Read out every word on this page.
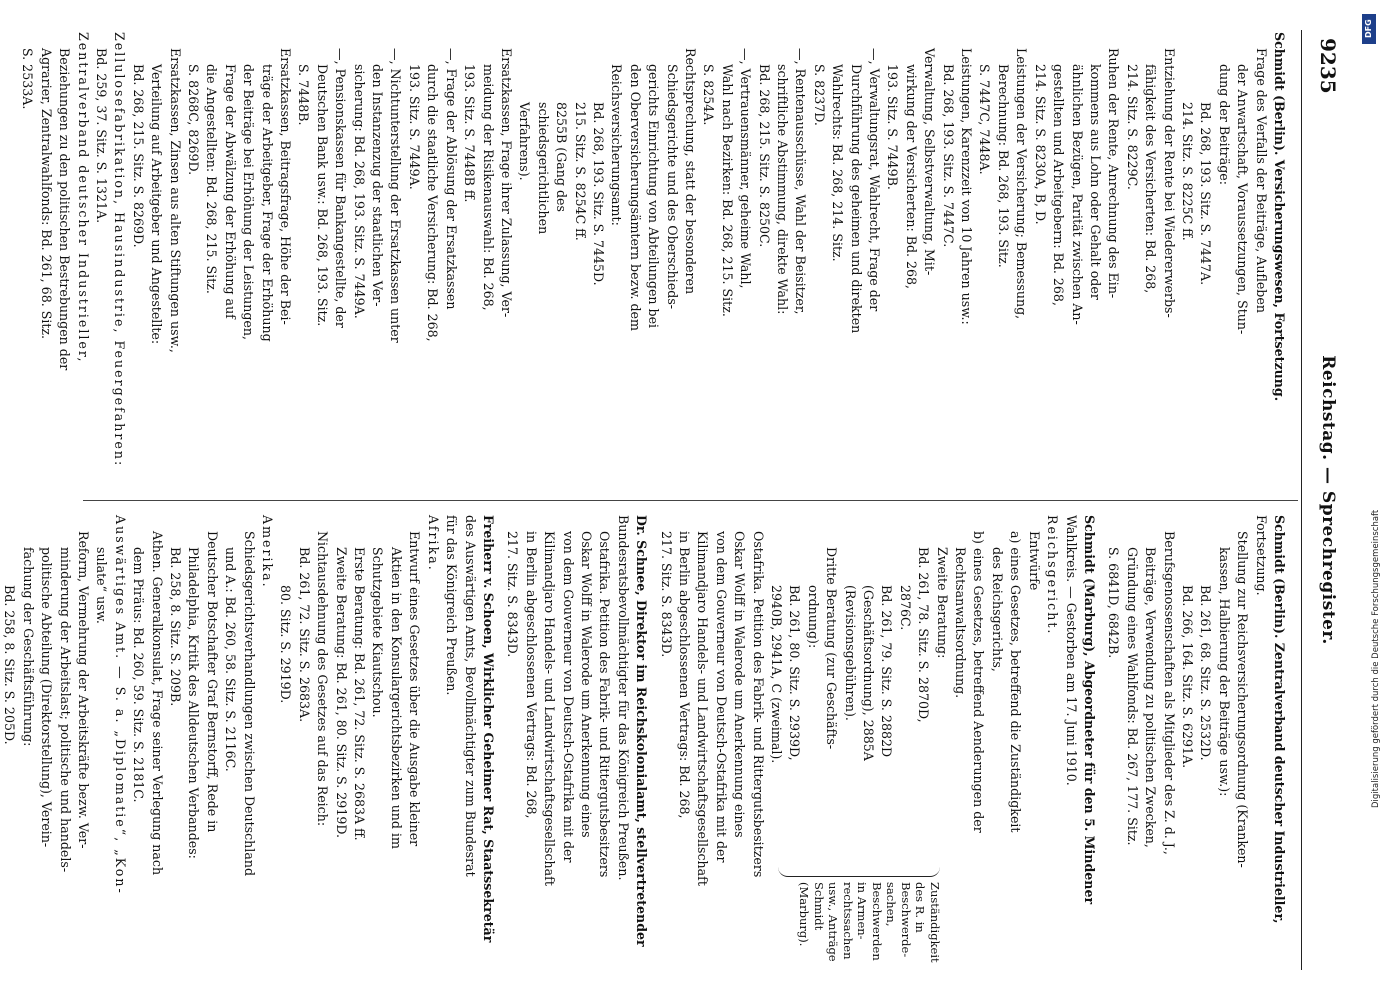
9235
Reichstag. — Sprechregister.
Schmidt (Berlin). Versicherungswesen, Fortsetzung.
Frage des Verfalls der Beiträge, Aufleben
der Anwartschaft, Voraussetzungen, Stun-
dung der Beiträge:
Bd. 268, 193. Sitz. S. 7447A.
214. Sitz. S. 8225C ff.
Entziehung der Rente bei Wiedererwerbs-
fähigkeit des Versicherten: Bd. 268,
214. Sitz. S. 8229C.
Ruhen der Rente, Anrechnung des Ein-
kommens aus Lohn oder Gehalt oder
ähnlichen Bezügen, Parität zwischen An-
gestellten und Arbeitgebern: Bd. 268,
214. Sitz. S. 8230A, B, D.
Leistungen der Versicherung; Bemessung,
Berechnung: Bd. 268, 193. Sitz.
S. 7447C, 7448A.
Leistungen, Karenzzeit von 10 Jahren usw.:
Bd. 268, 193. Sitz. S. 7447C.
Verwaltung, Selbstverwaltung, Mit-
wirkung der Versicherten: Bd. 268,
193. Sitz. S. 7449B.
—, Verwaltungsrat, Wahlrecht, Frage der
Durchführung des geheimen und direkten
Wahlrechts: Bd. 268, 214. Sitz.
S. 8237D.
—, Rentenausschüsse, Wahl der Beisitzer,
schriftliche Abstimmung, direkte Wahl:
Bd. 268, 215. Sitz. S. 8250C.
—, Vertrauensmänner, geheime Wahl,
Wahl nach Bezirken: Bd. 268, 215. Sitz.
S. 8254A.
Rechtsprechung, statt der besonderen
Schiedsgerichte und des Oberschieds-
gerichts Einrichtung von Abteilungen bei
den Oberversicherungsämtern bezw. dem
Reichsversicherungsamt:
Bd. 268, 193. Sitz. S. 7445D.
215. Sitz. S. 8254C ff.
8255B (Gang des
schiedsgerichtlichen
Verfahrens).
Ersatzkassen, Frage ihrer Zulassung, Ver-
meidung der Risikenauswahl: Bd. 268,
193. Sitz. S. 7448B ff.
—, Frage der Ablösung der Ersatzkassen
durch die staatliche Versicherung: Bd. 268,
193. Sitz. S. 7449A.
—, Nichtunterstellung der Ersatzkassen unter
den Instanzenzug der staatlichen Ver-
sicherung: Bd. 268, 193. Sitz. S. 7449A.
—, Pensionskassen für Bankangestellte, der
Deutschen Bank usw.: Bd. 268, 193. Sitz.
S. 7448B.
Ersatzkassen, Beitragsfrage, Höhe der Bei-
träge der Arbeitgeber, Frage der Erhöhung
der Beiträge bei Erhöhung der Leistungen,
Frage der Abwälzung der Erhöhung auf
die Angestellten: Bd. 268, 215. Sitz.
S. 8268C, 8269D.
Ersatzkassen, Zinsen aus alten Stiftungen usw.,
Verteilung auf Arbeitgeber und Angestellte:
Bd. 268, 215. Sitz. S. 8269D.
Zellulosefabrikation, Hausindustrie, Feuergefahren:
Bd. 259, 37. Sitz. S. 1321A.
Zentralverband deutscher Industrieller,
Beziehungen zu den politischen Bestrebungen der
Agrarier, Zentralwahlfonds: Bd. 261, 68. Sitz.
S. 2533A.
Schmidt (Berlin). Zentralverband deutscher Industrieller,
Fortsetzung.
Stellung zur Reichsversicherungsordnung (Kranken-
kassen, Halbierung der Beiträge usw.):
Bd. 261, 68. Sitz. S. 2532D.
Bd. 266, 164. Sitz. S. 6291A.
Berufsgenossenschaften als Mitglieder des Z. d. J.,
Beiträge, Verwendung zu politischen Zwecken,
Gründung eines Wahlfonds: Bd. 267, 177. Sitz.
S. 6841D, 6842B.
Schmidt (Marburg), Abgeordneter für den 5. Mindener
Wahlkreis. — Gestorben am 17. Juni 1910.
Reichsgericht.
Entwürfe
a) eines Gesetzes, betreffend die Zuständigkeit
des Reichsgerichts,
b) eines Gesetzes, betreffend Aenderungen der
Rechtsanwaltsordnung.
Zweite Beratung:
Bd. 261, 78. Sitz. S. 2870D,
2876C.
Bd. 261, 79. Sitz. S. 2882D
(Geschäftsordnung), 2885A
(Revisionsgebühren).
Dritte Beratung (zur Geschäfts-
ordnung):
Bd. 261, 80. Sitz. S. 2939D,
2940B, 2941A, C (zweimal).
Ostafrika. Petition des Fabrik- und Rittergutsbesitzers
Oskar Wolff in Walerode um Anerkennung eines
von dem Gouverneur von Deutsch-Ostafrika mit der
Kilimandjaro Handels- und Landwirtschaftsgesellschaft
in Berlin abgeschlossenen Vertrags: Bd. 268,
217. Sitz. S. 8343D.
Dr. Schnee, Direktor im Reichskolonialamt, stellvertretender
Bundesratsbevollmächtigter für das Königreich Preußen.
Ostafrika. Petition des Fabrik- und Rittergutsbesitzers
Oskar Wolff in Walerode um Anerkennung eines
von dem Gouverneur von Deutsch-Ostafrika mit der
Kilimandjaro Handels- und Landwirtschaftsgesellschaft
in Berlin abgeschlossenen Vertrags: Bd. 268,
217. Sitz. S. 8343D.
Freiherr v. Schoen, Wirklicher Geheimer Rat, Staatssekretär
des Auswärtigen Amts, Bevollmächtigter zum Bundesrat
für das Königreich Preußen.
Afrika.
Entwurf eines Gesetzes über die Ausgabe kleiner
Aktien in den Konsulargerichtsbezirken und im
Schutzgebiete Kiautschou.
Erste Beratung: Bd. 261, 72. Sitz. S. 2683A ff.
Zweite Beratung: Bd. 261, 80. Sitz. S. 2919D.
Nichtausdehnung des Gesetzes auf das Reich:
Bd. 261, 72. Sitz. S. 2683A.
80. Sitz. S. 2919D.
Amerika.
Schiedsgerichtsverhandlungen zwischen Deutschland
und A.: Bd. 260, 58. Sitz. S. 2116C.
Deutscher Botschafter Graf Bernstorff, Rede in
Philadelphia, Kritik des Alldeutschen Verbandes:
Bd. 258, 8. Sitz. S. 209B.
Athen. Generalkonsulat, Frage seiner Verlegung nach
dem Piräus: Bd. 260, 59. Sitz. S. 2181C.
Auswärtiges Amt. — S. a. „Diplomatie“, „Kon-
sulate“ usw.
Reform, Vermehrung der Arbeitskräfte bezw. Ver-
minderung der Arbeitslast; politische und handels-
politische Abteilung (Direktorstellung), Verein-
fachung der Geschäftsführung:
Bd. 258, 8. Sitz. S. 205D.
Zuständigkeit
des R. in
Beschwerde-
sachen,
Beschwerden
in Armen-
rechtssachen
usw., Anträge
Schmidt
(Marburg).
DFG
Digitalisierung gefördert durch die Deutsche Forschungsgemeinschaft
